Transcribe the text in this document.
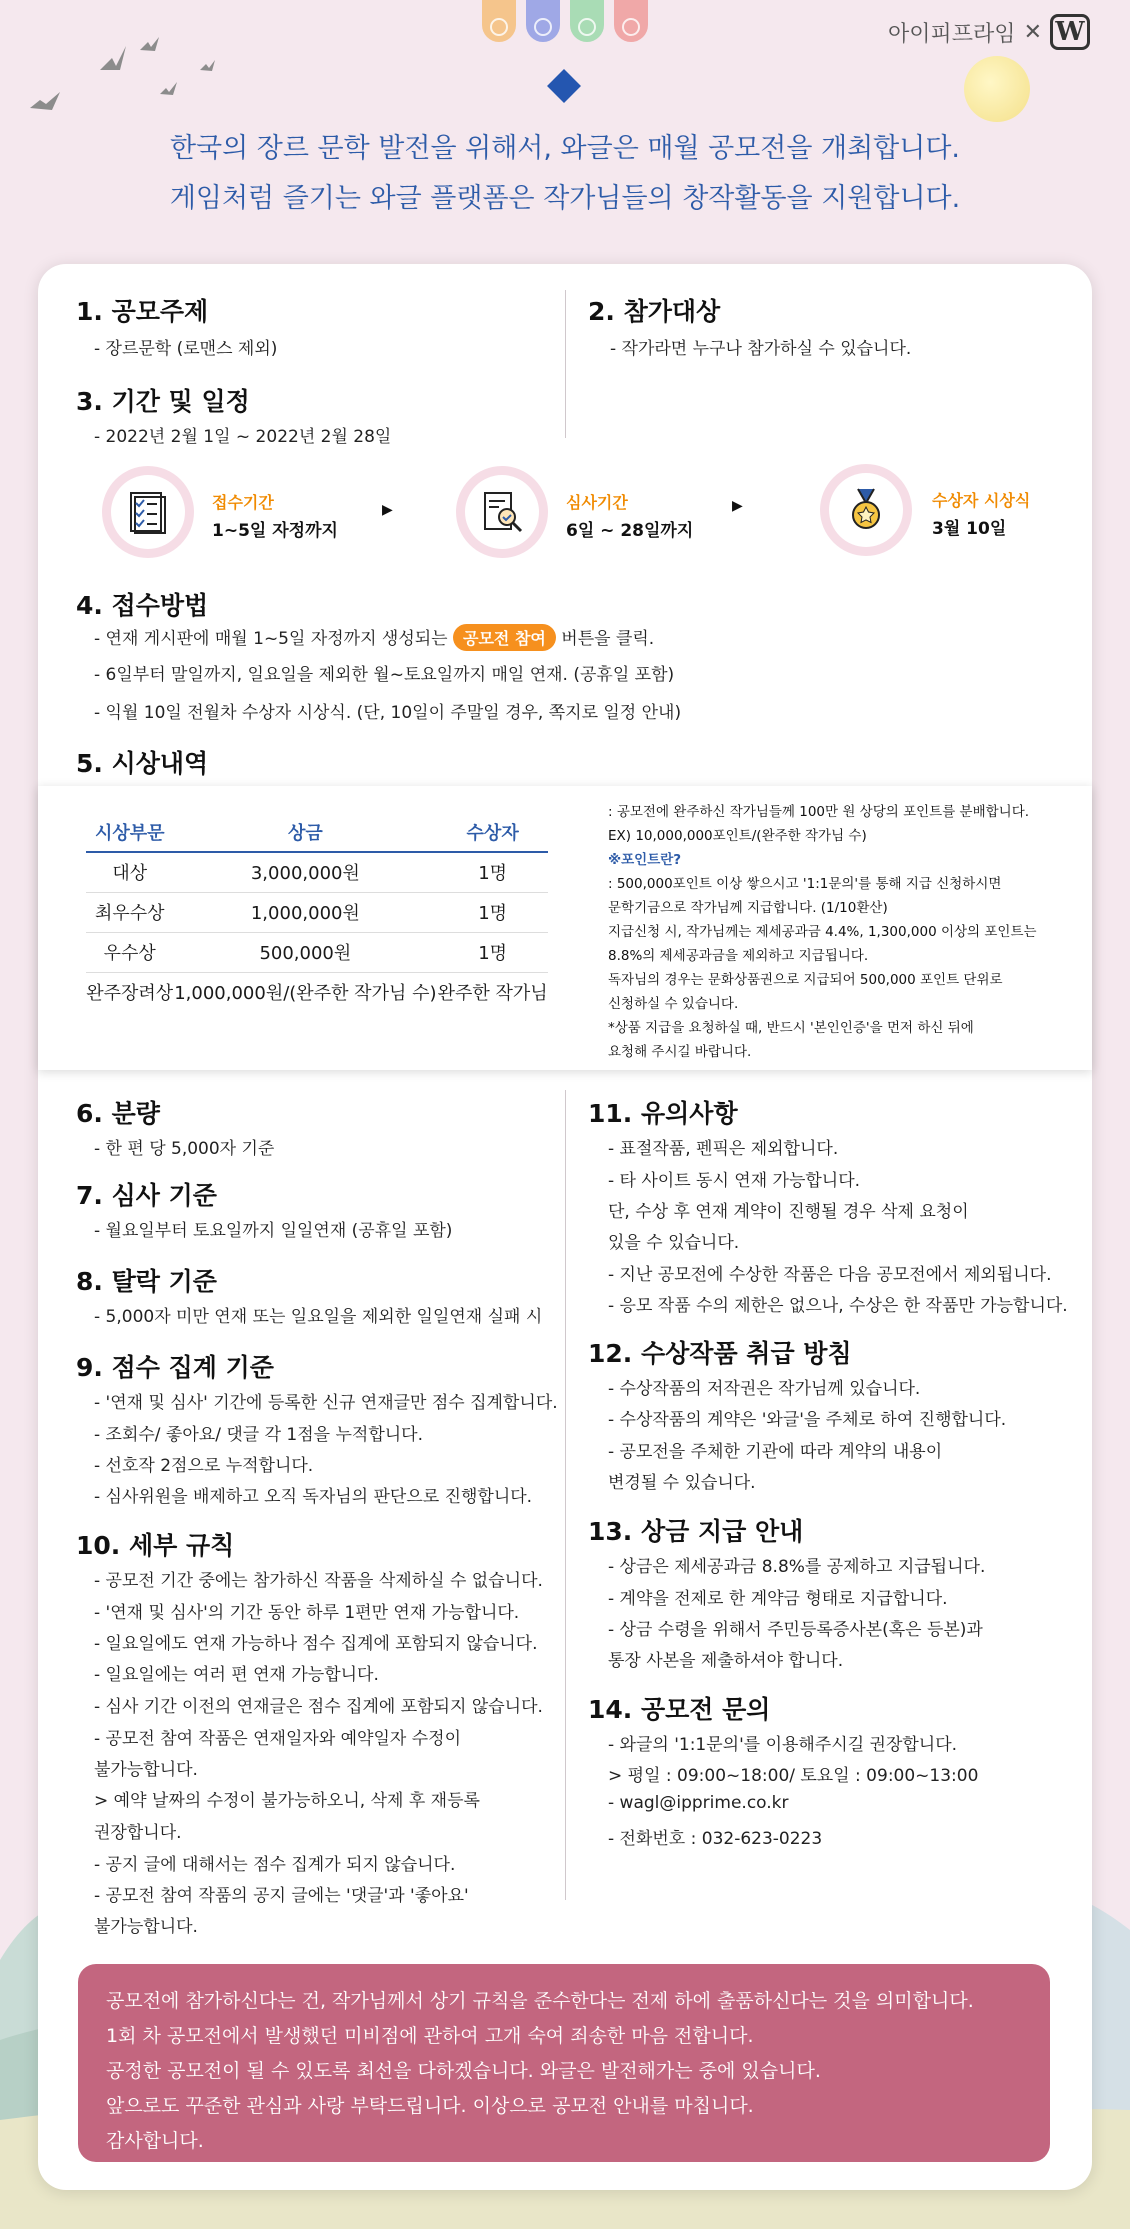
아이피프라임 ✕ W
한국의 장르 문학 발전을 위해서, 와글은 매월 공모전을 개최합니다.
게임처럼 즐기는 와글 플랫폼은 작가님들의 창작활동을 지원합니다.
1. 공모주제
- 장르문학 (로맨스 제외)
2. 참가대상
- 작가라면 누구나 참가하실 수 있습니다.
3. 기간 및 일정
- 2022년 2월 1일 ~ 2022년 2월 28일
접수기간
1~5일 자정까지
▶	심사기간
6일 ~ 28일까지
▶	수상자 시상식
3월 10일
4. 접수방법
- 연재 게시판에 매월 1~5일 자정까지 생성되는 공모전 참여 버튼을 클릭.
- 6일부터 말일까지, 일요일을 제외한 월~토요일까지 매일 연재. (공휴일 포함)
- 익월 10일 전월차 수상자 시상식. (단, 10일이 주말일 경우, 쪽지로 일정 안내)
5. 시상내역
시상부문	상금	수상자
대상	3,000,000원	1명
최우수상	1,000,000원	1명
우수상	500,000원	1명
완주장려상	1,000,000원/(완주한 작가님 수)	완주한 작가님
: 공모전에 완주하신 작가님들께 100만 원 상당의 포인트를 분배합니다.
EX) 10,000,000포인트/(완주한 작가님 수)
※포인트란?
: 500,000포인트 이상 쌓으시고 '1:1문의'를 통해 지급 신청하시면
문학기금으로 작가님께 지급합니다. (1/10환산)
지급신청 시, 작가님께는 제세공과금 4.4%, 1,300,000 이상의 포인트는
8.8%의 제세공과금을 제외하고 지급됩니다.
독자님의 경우는 문화상품권으로 지급되어 500,000 포인트 단위로
신청하실 수 있습니다.
*상품 지급을 요청하실 때, 반드시 '본인인증'을 먼저 하신 뒤에
요청해 주시길 바랍니다.
6. 분량
- 한 편 당 5,000자 기준
7. 심사 기준
- 월요일부터 토요일까지 일일연재 (공휴일 포함)
8. 탈락 기준
- 5,000자 미만 연재 또는 일요일을 제외한 일일연재 실패 시
9. 점수 집계 기준
- '연재 및 심사' 기간에 등록한 신규 연재글만 점수 집계합니다.
- 조회수/ 좋아요/ 댓글 각 1점을 누적합니다.
- 선호작 2점으로 누적합니다.
- 심사위원을 배제하고 오직 독자님의 판단으로 진행합니다.
10. 세부 규칙
- 공모전 기간 중에는 참가하신 작품을 삭제하실 수 없습니다.
- '연재 및 심사'의 기간 동안 하루 1편만 연재 가능합니다.
- 일요일에도 연재 가능하나 점수 집계에 포함되지 않습니다.
- 일요일에는 여러 편 연재 가능합니다.
- 심사 기간 이전의 연재글은 점수 집계에 포함되지 않습니다.
- 공모전 참여 작품은 연재일자와 예약일자 수정이
불가능합니다.
> 예약 날짜의 수정이 불가능하오니, 삭제 후 재등록
권장합니다.
- 공지 글에 대해서는 점수 집계가 되지 않습니다.
- 공모전 참여 작품의 공지 글에는 '댓글'과 '좋아요'
불가능합니다.
11. 유의사항
- 표절작품, 펜픽은 제외합니다.
- 타 사이트 동시 연재 가능합니다.
단, 수상 후 연재 계약이 진행될 경우 삭제 요청이
있을 수 있습니다.
- 지난 공모전에 수상한 작품은 다음 공모전에서 제외됩니다.
- 응모 작품 수의 제한은 없으나, 수상은 한 작품만 가능합니다.
12. 수상작품 취급 방침
- 수상작품의 저작권은 작가님께 있습니다.
- 수상작품의 계약은 '와글'을 주체로 하여 진행합니다.
- 공모전을 주체한 기관에 따라 계약의 내용이
변경될 수 있습니다.
13. 상금 지급 안내
- 상금은 제세공과금 8.8%를 공제하고 지급됩니다.
- 계약을 전제로 한 계약금 형태로 지급합니다.
- 상금 수령을 위해서 주민등록증사본(혹은 등본)과
통장 사본을 제출하셔야 합니다.
14. 공모전 문의
- 와글의 '1:1문의'를 이용해주시길 권장합니다.
> 평일 : 09:00~18:00/ 토요일 : 09:00~13:00
- wagl@ipprime.co.kr
- 전화번호 : 032-623-0223
공모전에 참가하신다는 건, 작가님께서 상기 규칙을 준수한다는 전제 하에 출품하신다는 것을 의미합니다.
1회 차 공모전에서 발생했던 미비점에 관하여 고개 숙여 죄송한 마음 전합니다.
공정한 공모전이 될 수 있도록 최선을 다하겠습니다. 와글은 발전해가는 중에 있습니다.
앞으로도 꾸준한 관심과 사랑 부탁드립니다. 이상으로 공모전 안내를 마칩니다.
감사합니다.
